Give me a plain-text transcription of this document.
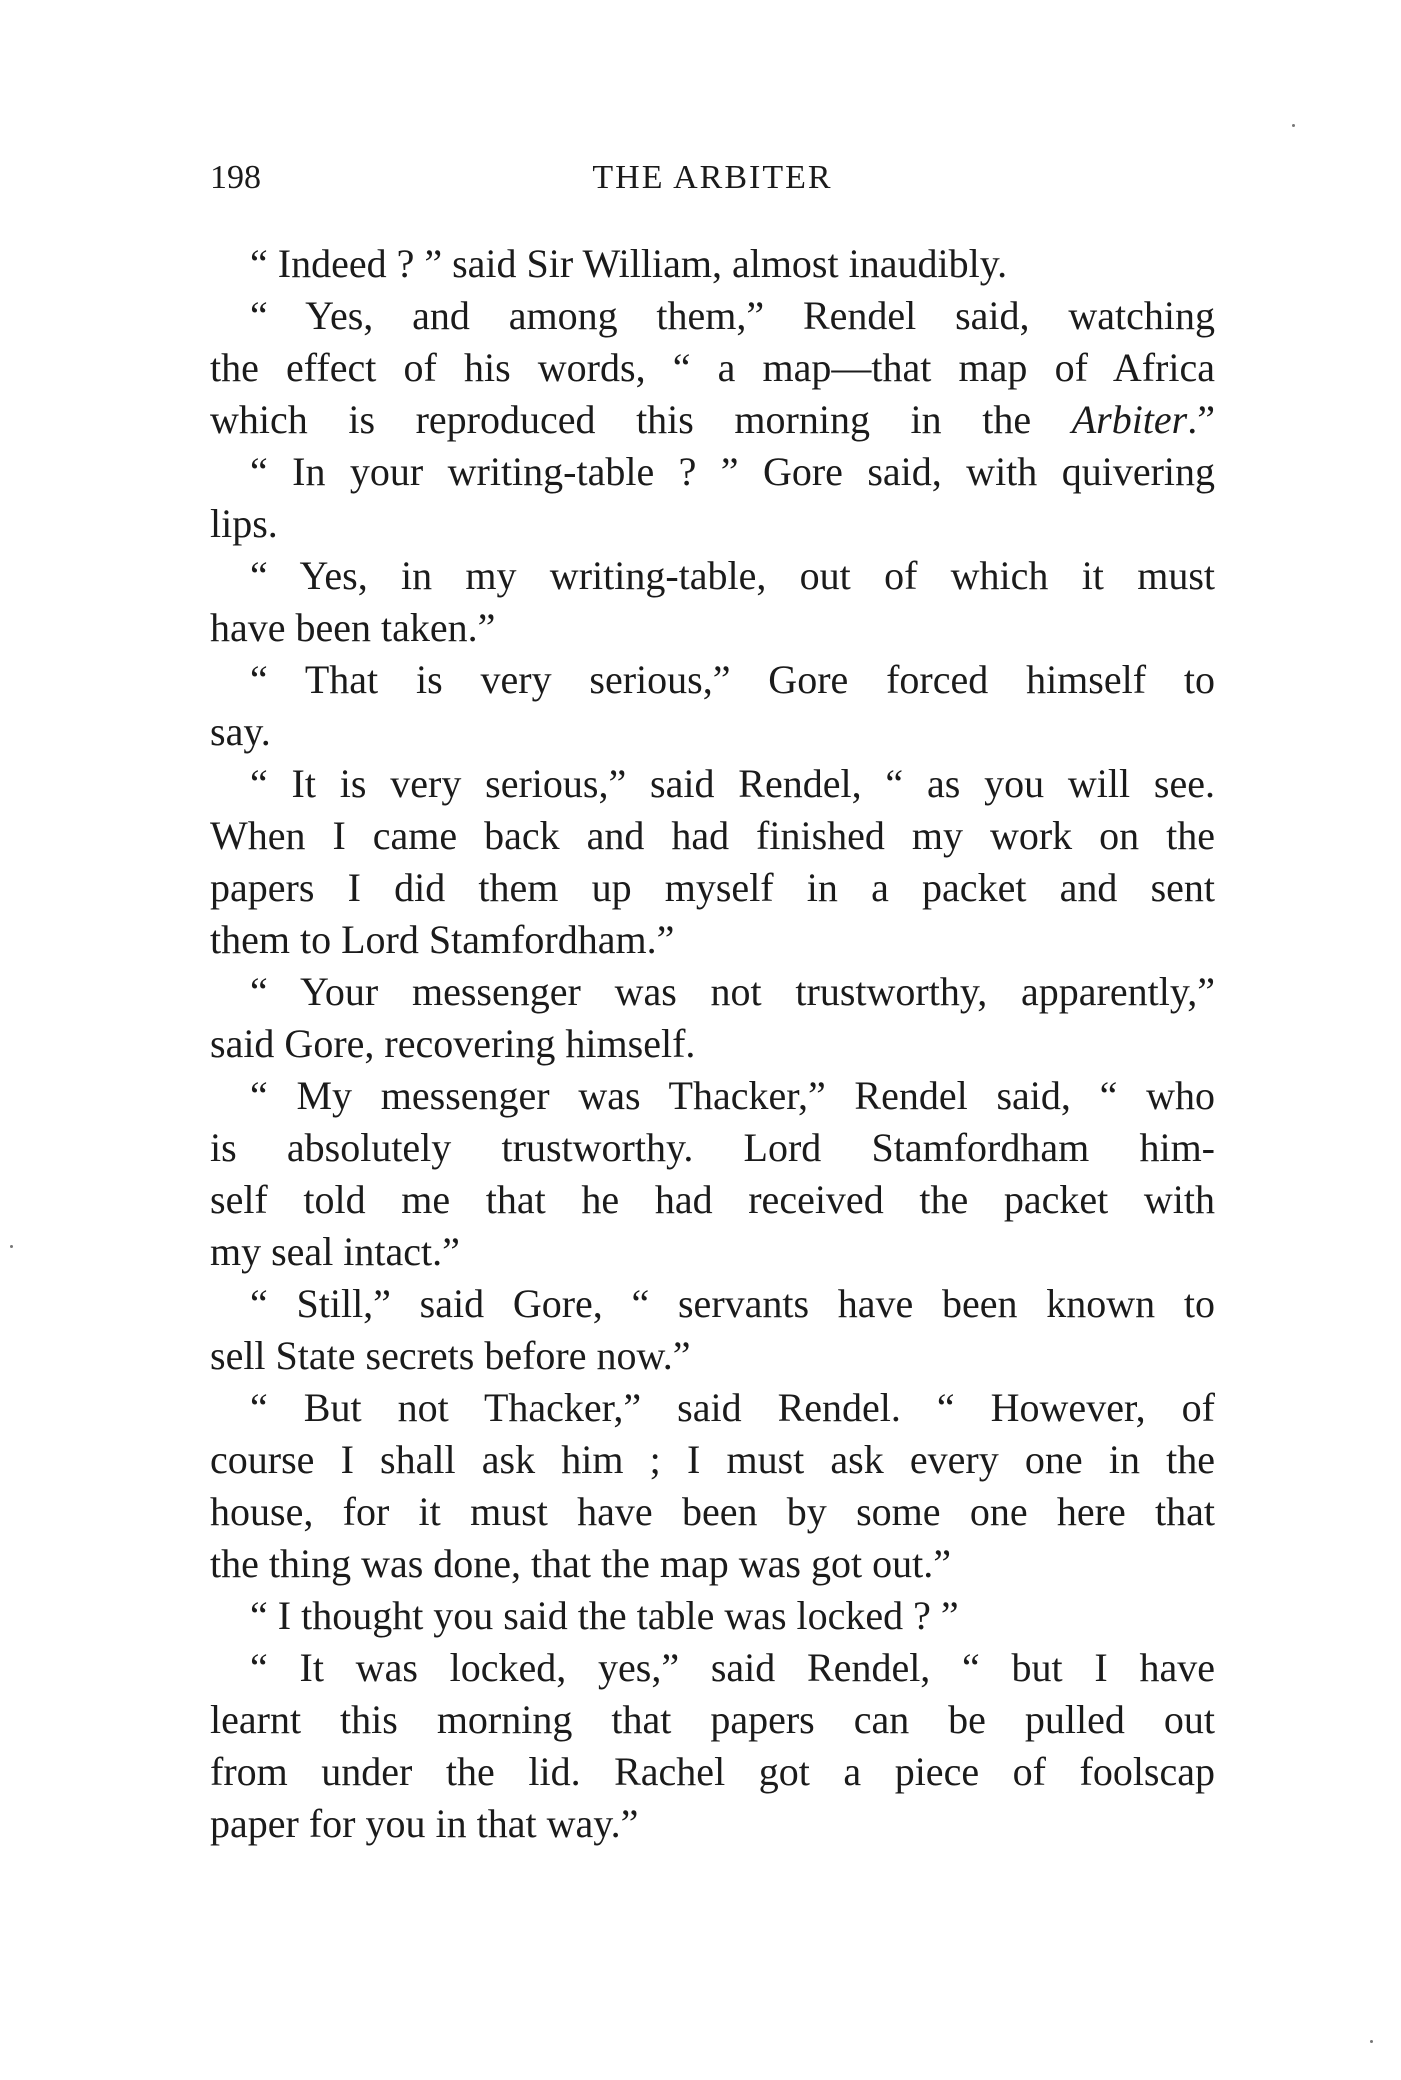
198	THE ARBITER
“ Indeed ? ” said Sir William, almost inaudibly.
“ Yes, and among them,” Rendel said, watching
the effect of his words, “ a map—that map of Africa
which is reproduced this morning in the Arbiter.”
“ In your writing-table ? ” Gore said, with quivering
lips.
“ Yes, in my writing-table, out of which it must
have been taken.”
“ That is very serious,” Gore forced himself to
say.
“ It is very serious,” said Rendel, “ as you will see.
When I came back and had finished my work on the
papers I did them up myself in a packet and sent
them to Lord Stamfordham.”
“ Your messenger was not trustworthy, apparently,”
said Gore, recovering himself.
“ My messenger was Thacker,” Rendel said, “ who
is absolutely trustworthy. Lord Stamfordham him-
self told me that he had received the packet with
my seal intact.”
“ Still,” said Gore, “ servants have been known to
sell State secrets before now.”
“ But not Thacker,” said Rendel. “ However, of
course I shall ask him ; I must ask every one in the
house, for it must have been by some one here that
the thing was done, that the map was got out.”
“ I thought you said the table was locked ? ”
“ It was locked, yes,” said Rendel, “ but I have
learnt this morning that papers can be pulled out
from under the lid. Rachel got a piece of foolscap
paper for you in that way.”
